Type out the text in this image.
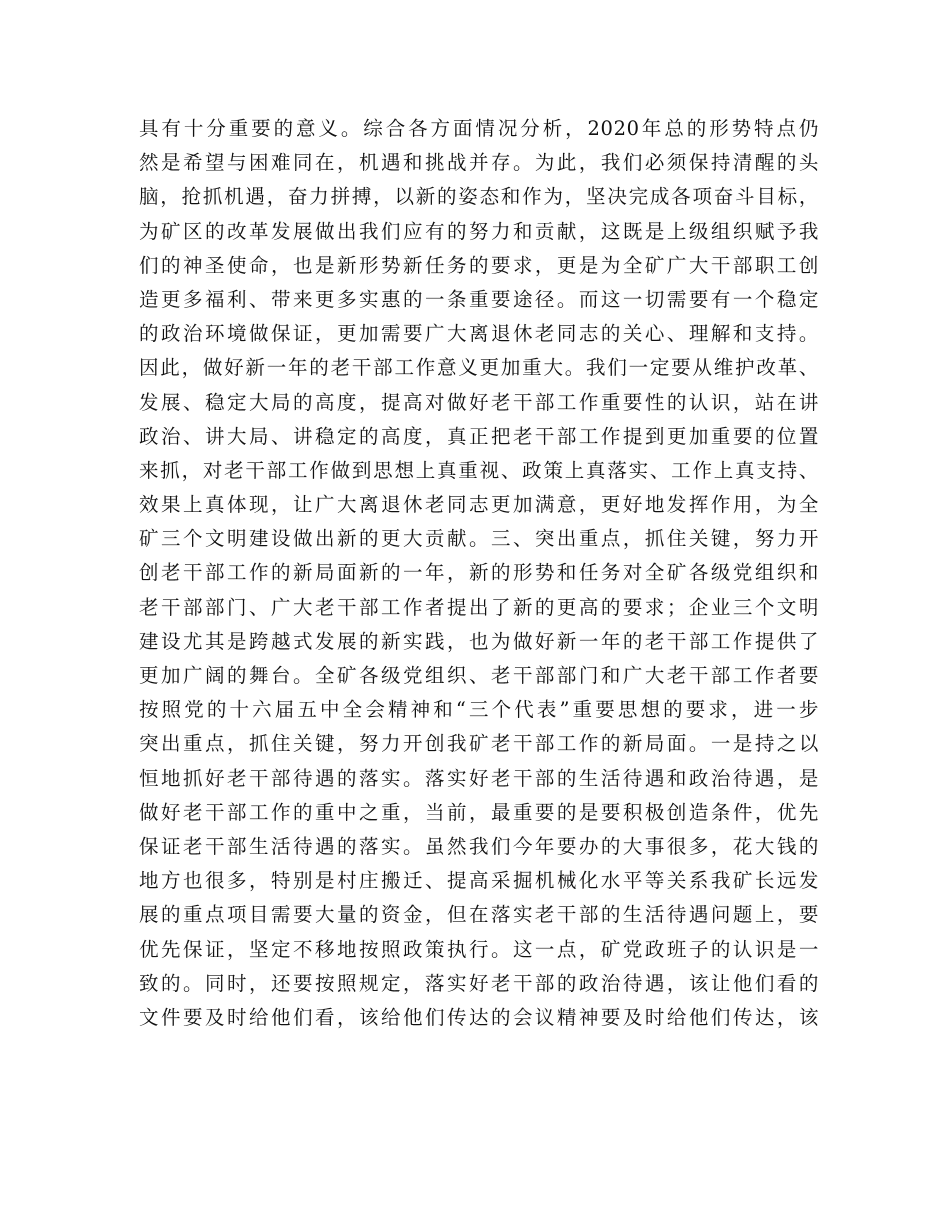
具有十分重要的意义。综合各方面情况分析，2020年总的形势特点仍
然是希望与困难同在，机遇和挑战并存。为此，我们必须保持清醒的头
脑，抢抓机遇，奋力拼搏，以新的姿态和作为，坚决完成各项奋斗目标，
为矿区的改革发展做出我们应有的努力和贡献，这既是上级组织赋予我
们的神圣使命，也是新形势新任务的要求，更是为全矿广大干部职工创
造更多福利、带来更多实惠的一条重要途径。而这一切需要有一个稳定
的政治环境做保证，更加需要广大离退休老同志的关心、理解和支持。
因此，做好新一年的老干部工作意义更加重大。我们一定要从维护改革、
发展、稳定大局的高度，提高对做好老干部工作重要性的认识，站在讲
政治、讲大局、讲稳定的高度，真正把老干部工作提到更加重要的位置
来抓，对老干部工作做到思想上真重视、政策上真落实、工作上真支持、
效果上真体现，让广大离退休老同志更加满意，更好地发挥作用，为全
矿三个文明建设做出新的更大贡献。三、突出重点，抓住关键，努力开
创老干部工作的新局面新的一年，新的形势和任务对全矿各级党组织和
老干部部门、广大老干部工作者提出了新的更高的要求；企业三个文明
建设尤其是跨越式发展的新实践，也为做好新一年的老干部工作提供了
更加广阔的舞台。全矿各级党组织、老干部部门和广大老干部工作者要
按照党的十六届五中全会精神和“三个代表”重要思想的要求，进一步
突出重点，抓住关键，努力开创我矿老干部工作的新局面。一是持之以
恒地抓好老干部待遇的落实。落实好老干部的生活待遇和政治待遇，是
做好老干部工作的重中之重，当前，最重要的是要积极创造条件，优先
保证老干部生活待遇的落实。虽然我们今年要办的大事很多，花大钱的
地方也很多，特别是村庄搬迁、提高采掘机械化水平等关系我矿长远发
展的重点项目需要大量的资金，但在落实老干部的生活待遇问题上，要
优先保证，坚定不移地按照政策执行。这一点，矿党政班子的认识是一
致的。同时，还要按照规定，落实好老干部的政治待遇，该让他们看的
文件要及时给他们看，该给他们传达的会议精神要及时给他们传达，该
